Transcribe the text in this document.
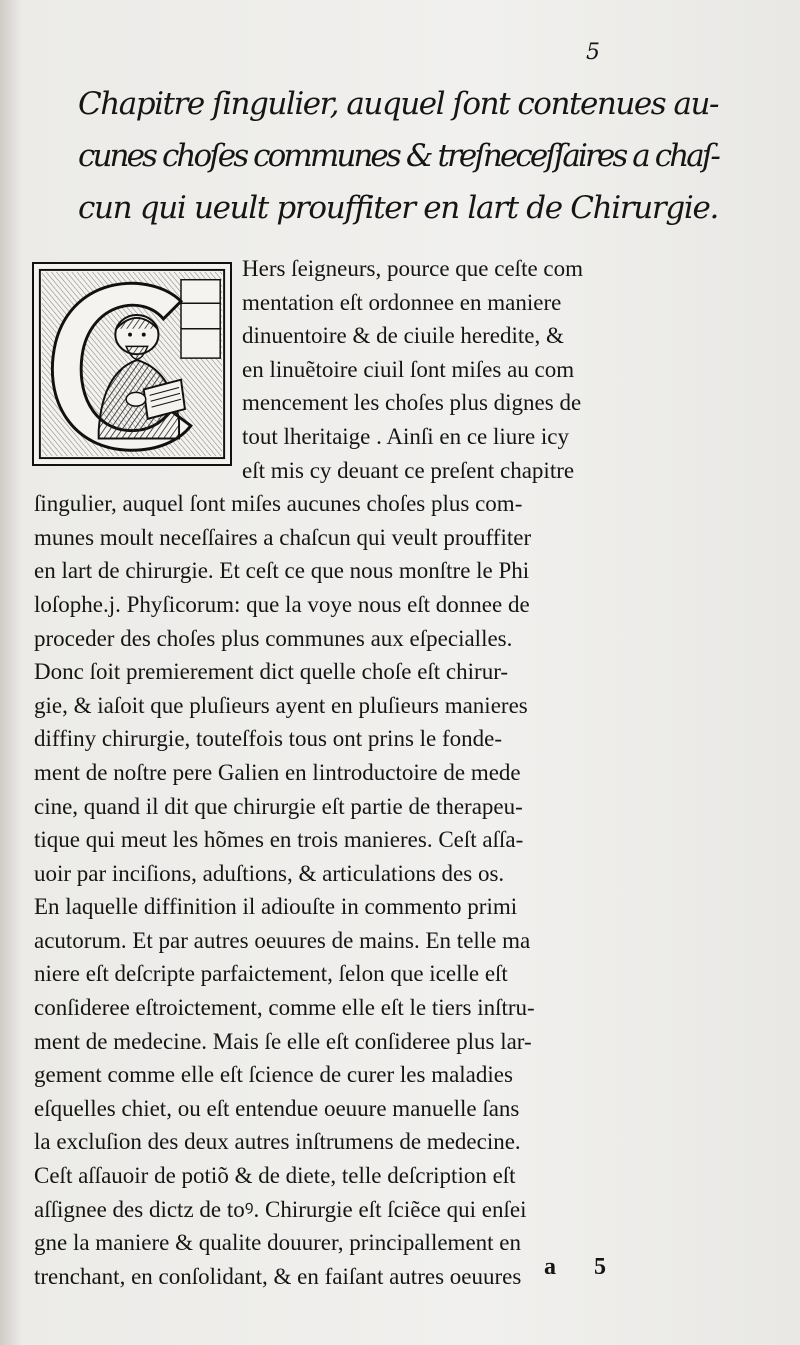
5
Chapitre ſingulier, auquel ſont contenues au-
cunes choſes communes & treſneceſſaires a chaſ-
cun qui ueult prouffiter en lart de Chirurgie.
Hers ſeigneurs, pource que ceſte com
mentation eſt ordonnee en maniere
dinuentoire & de ciuile heredite, &
en linuẽtoire ciuil ſont miſes au com
mencement les choſes plus dignes de
tout lheritaige . Ainſi en ce liure icy
eſt mis cy deuant ce preſent chapitre
ſingulier, auquel ſont miſes aucunes choſes plus com-
munes moult neceſſaires a chaſcun qui veult prouffiter
en lart de chirurgie. Et ceſt ce que nous monſtre le Phi
loſophe.j. Phyſicorum: que la voye nous eſt donnee de
proceder des choſes plus communes aux eſpecialles.
Donc ſoit premierement dict quelle choſe eſt chirur-
gie, & iaſoit que pluſieurs ayent en pluſieurs manieres
diffiny chirurgie, touteſfois tous ont prins le fonde-
ment de noſtre pere Galien en lintroductoire de mede
cine, quand il dit que chirurgie eſt partie de therapeu-
tique qui meut les hõmes en trois manieres. Ceſt aſſa-
uoir par inciſions, aduſtions, & articulations des os.
En laquelle diffinition il adiouſte in commento primi
acutorum. Et par autres oeuures de mains. En telle ma
niere eſt deſcripte parfaictement, ſelon que icelle eſt
conſideree eſtroictement, comme elle eſt le tiers inſtru-
ment de medecine. Mais ſe elle eſt conſideree plus lar-
gement comme elle eſt ſcience de curer les maladies
eſquelles chiet, ou eſt entendue oeuure manuelle ſans
la excluſion des deux autres inſtrumens de medecine.
Ceſt aſſauoir de potiõ & de diete, telle deſcription eſt
aſſignee des dictz de toꝰ. Chirurgie eſt ſciẽce qui enſei
gne la maniere & qualite douurer, principallement en
trenchant, en conſolidant, & en faiſant autres oeuures a 5
